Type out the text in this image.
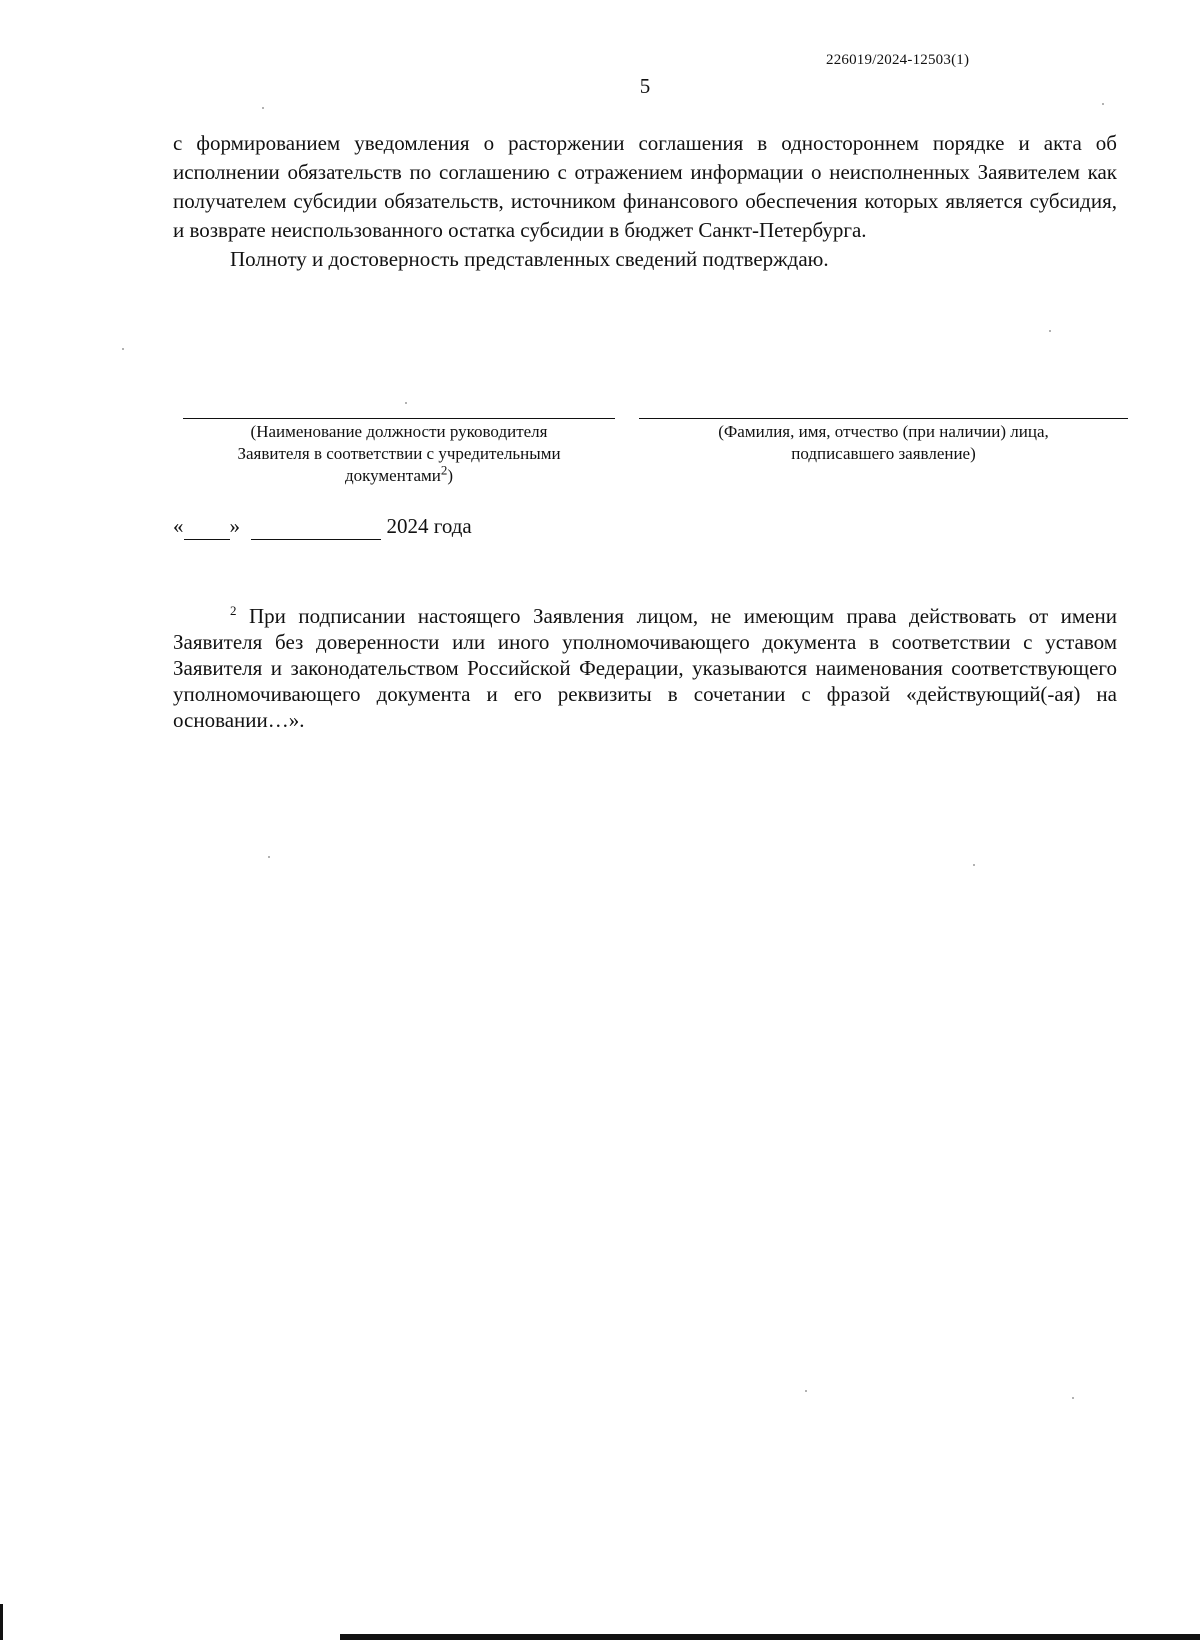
226019/2024-12503(1)
5

с формированием уведомления о расторжении соглашения в одностороннем порядке и акта об исполнении обязательств по соглашению с отражением информации о неисполненных Заявителем как получателем субсидии обязательств, источником финансового обеспечения которых является субсидия, и возврате неиспользованного остатка субсидии в бюджет Санкт-Петербурга.

Полноту и достоверность представленных сведений подтверждаю.

(Наименование должности руководителя
Заявителя в соответствии с учредительными
документами$^2$)
(Фамилия, имя, отчество (при наличии) лица,
подписавшего заявление)
« »	2024 года

$^2$ При подписании настоящего Заявления лицом, не имеющим права действовать от имени Заявителя без доверенности или иного уполномочивающего документа в соответствии с уставом Заявителя и законодательством Российской Федерации, указываются наименования соответствующего уполномочивающего документа и его реквизиты в сочетании с фразой «действующий(-ая) на основании…».
